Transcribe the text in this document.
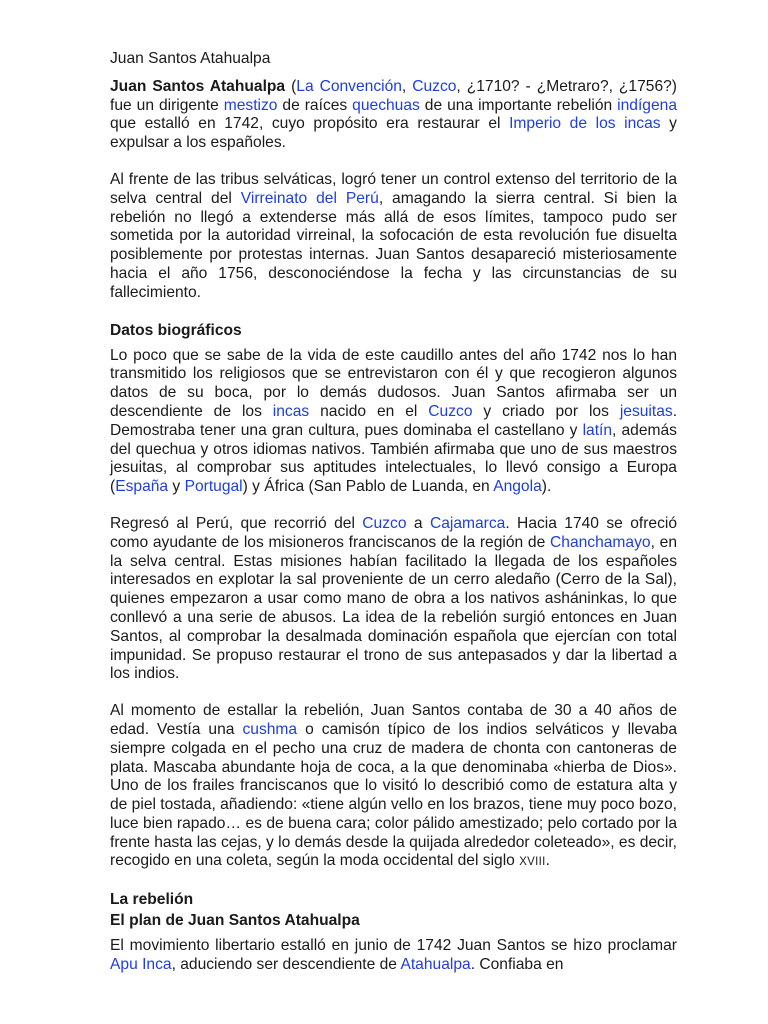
Juan Santos Atahualpa

Juan Santos Atahualpa (La Convención, Cuzco, ¿1710? - ¿Metraro?, ¿1756?) fue un dirigente mestizo de raíces quechuas de una importante rebelión indígena que estalló en 1742, cuyo propósito era restaurar el Imperio de los incas y expulsar a los españoles.

Al frente de las tribus selváticas, logró tener un control extenso del territorio de la selva central del Virreinato del Perú, amagando la sierra central. Si bien la rebelión no llegó a extenderse más allá de esos límites, tampoco pudo ser sometida por la autoridad virreinal, la sofocación de esta revolución fue disuelta posiblemente por protestas internas. Juan Santos desapareció misteriosamente hacia el año 1756, desconociéndose la fecha y las circunstancias de su fallecimiento.

Datos biográficos

Lo poco que se sabe de la vida de este caudillo antes del año 1742 nos lo han transmitido los religiosos que se entrevistaron con él y que recogieron algunos datos de su boca, por lo demás dudosos. Juan Santos afirmaba ser un descendiente de los incas nacido en el Cuzco y criado por los jesuitas. Demostraba tener una gran cultura, pues dominaba el castellano y latín, además del quechua y otros idiomas nativos. También afirmaba que uno de sus maestros jesuitas, al comprobar sus aptitudes intelectuales, lo llevó consigo a Europa (España y Portugal) y África (San Pablo de Luanda, en Angola).

Regresó al Perú, que recorrió del Cuzco a Cajamarca. Hacia 1740 se ofreció como ayudante de los misioneros franciscanos de la región de Chanchamayo, en la selva central. Estas misiones habían facilitado la llegada de los españoles interesados en explotar la sal proveniente de un cerro aledaño (Cerro de la Sal), quienes empezaron a usar como mano de obra a los nativos asháninkas, lo que conllevó a una serie de abusos. La idea de la rebelión surgió entonces en Juan Santos, al comprobar la desalmada dominación española que ejercían con total impunidad. Se propuso restaurar el trono de sus antepasados y dar la libertad a los indios.

Al momento de estallar la rebelión, Juan Santos contaba de 30 a 40 años de edad. Vestía una cushma o camisón típico de los indios selváticos y llevaba siempre colgada en el pecho una cruz de madera de chonta con cantoneras de plata. Mascaba abundante hoja de coca, a la que denominaba «hierba de Dios». Uno de los frailes franciscanos que lo visitó lo describió como de estatura alta y de piel tostada, añadiendo: «tiene algún vello en los brazos, tiene muy poco bozo, luce bien rapado… es de buena cara; color pálido amestizado; pelo cortado por la frente hasta las cejas, y lo demás desde la quijada alrededor coleteado», es decir, recogido en una coleta, según la moda occidental del siglo XVIII.

La rebelión
El plan de Juan Santos Atahualpa

El movimiento libertario estalló en junio de 1742 Juan Santos se hizo proclamar Apu Inca, aduciendo ser descendiente de Atahualpa. Confiaba en
